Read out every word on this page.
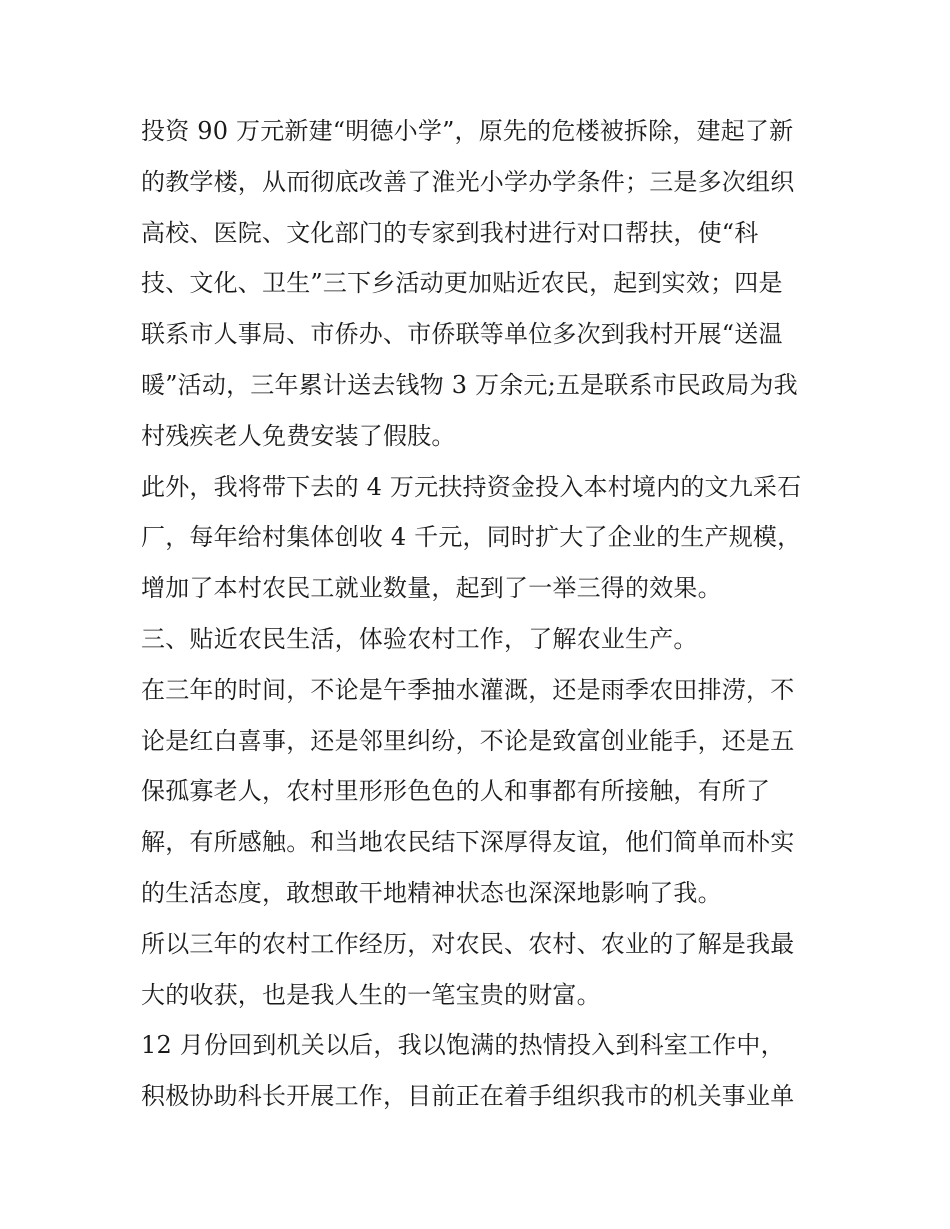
投资 90 万元新建“明德小学”，原先的危楼被拆除，建起了新
的教学楼，从而彻底改善了淮光小学办学条件；三是多次组织
高校、医院、文化部门的专家到我村进行对口帮扶，使“科
技、文化、卫生”三下乡活动更加贴近农民，起到实效；四是
联系市人事局、市侨办、市侨联等单位多次到我村开展“送温
暖”活动，三年累计送去钱物 3 万余元;五是联系市民政局为我
村残疾老人免费安装了假肢。
此外，我将带下去的 4 万元扶持资金投入本村境内的文九采石
厂，每年给村集体创收 4 千元，同时扩大了企业的生产规模，
增加了本村农民工就业数量，起到了一举三得的效果。
三、贴近农民生活，体验农村工作，了解农业生产。
在三年的时间，不论是午季抽水灌溉，还是雨季农田排涝，不
论是红白喜事，还是邻里纠纷，不论是致富创业能手，还是五
保孤寡老人，农村里形形色色的人和事都有所接触，有所了
解，有所感触。和当地农民结下深厚得友谊，他们简单而朴实
的生活态度，敢想敢干地精神状态也深深地影响了我。
所以三年的农村工作经历，对农民、农村、农业的了解是我最
大的收获，也是我人生的一笔宝贵的财富。
12 月份回到机关以后，我以饱满的热情投入到科室工作中，
积极协助科长开展工作，目前正在着手组织我市的机关事业单
